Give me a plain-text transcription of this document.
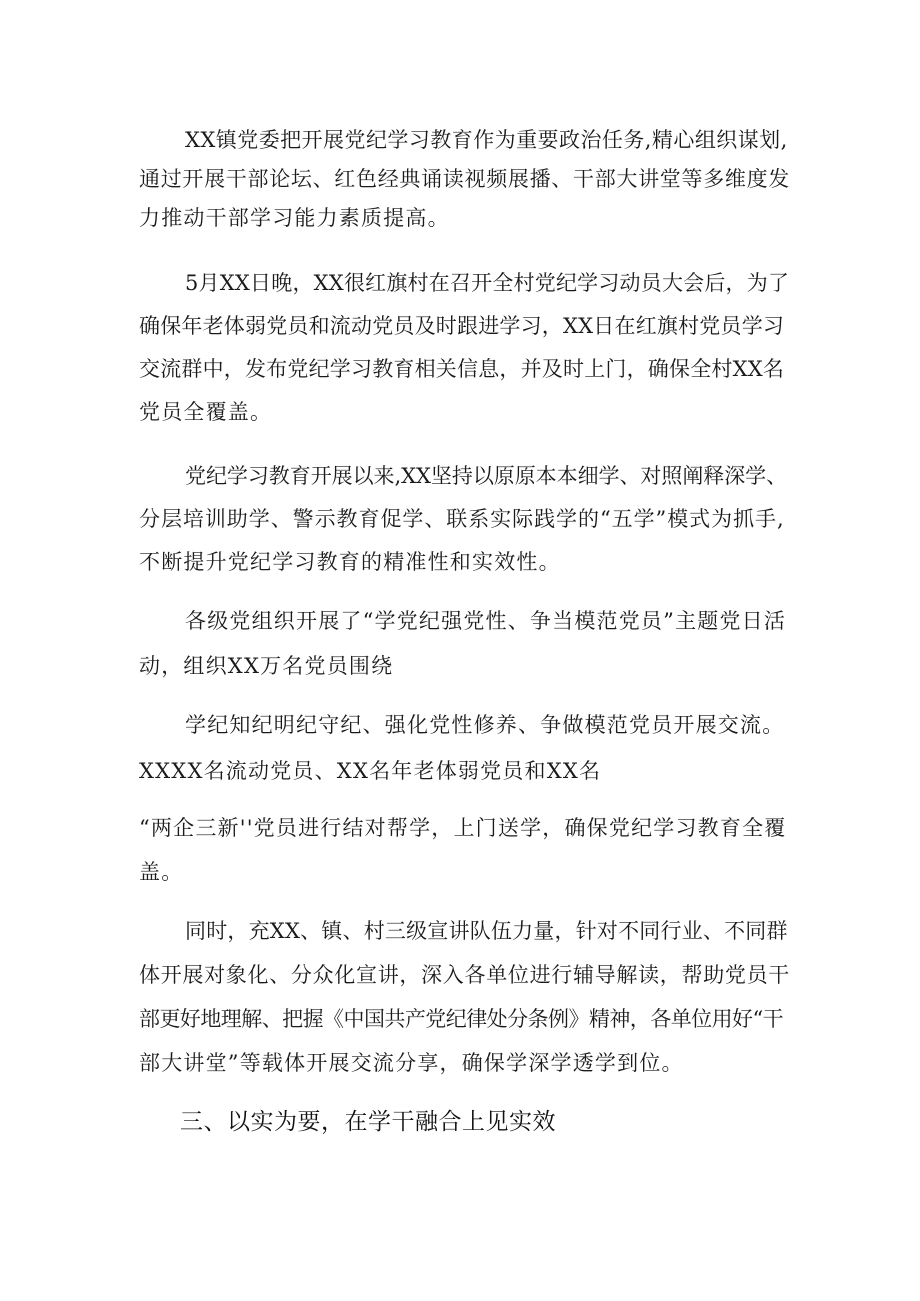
XX镇党委把开展党纪学习教育作为重要政治任务,精心组织谋划,
通过开展干部论坛、红色经典诵读视频展播、干部大讲堂等多维度发
力推动干部学习能力素质提高。
5月XX日晚，XX很红旗村在召开全村党纪学习动员大会后，为了
确保年老体弱党员和流动党员及时跟进学习，XX日在红旗村党员学习
交流群中，发布党纪学习教育相关信息，并及时上门，确保全村XX名
党员全覆盖。
党纪学习教育开展以来,XX坚持以原原本本细学、对照阐释深学、
分层培训助学、警示教育促学、联系实际践学的“五学”模式为抓手,
不断提升党纪学习教育的精准性和实效性。
各级党组织开展了“学党纪强党性、争当模范党员”主题党日活
动，组织XX万名党员围绕
学纪知纪明纪守纪、强化党性修养、争做模范党员开展交流。
XXXX名流动党员、XX名年老体弱党员和XX名
“两企三新''党员进行结对帮学，上门送学，确保党纪学习教育全覆
盖。
同时，充XX、镇、村三级宣讲队伍力量，针对不同行业、不同群
体开展对象化、分众化宣讲，深入各单位进行辅导解读，帮助党员干
部更好地理解、把握《中国共产党纪律处分条例》精神，各单位用好“干
部大讲堂”等载体开展交流分享，确保学深学透学到位。
三、以实为要，在学干融合上见实效
